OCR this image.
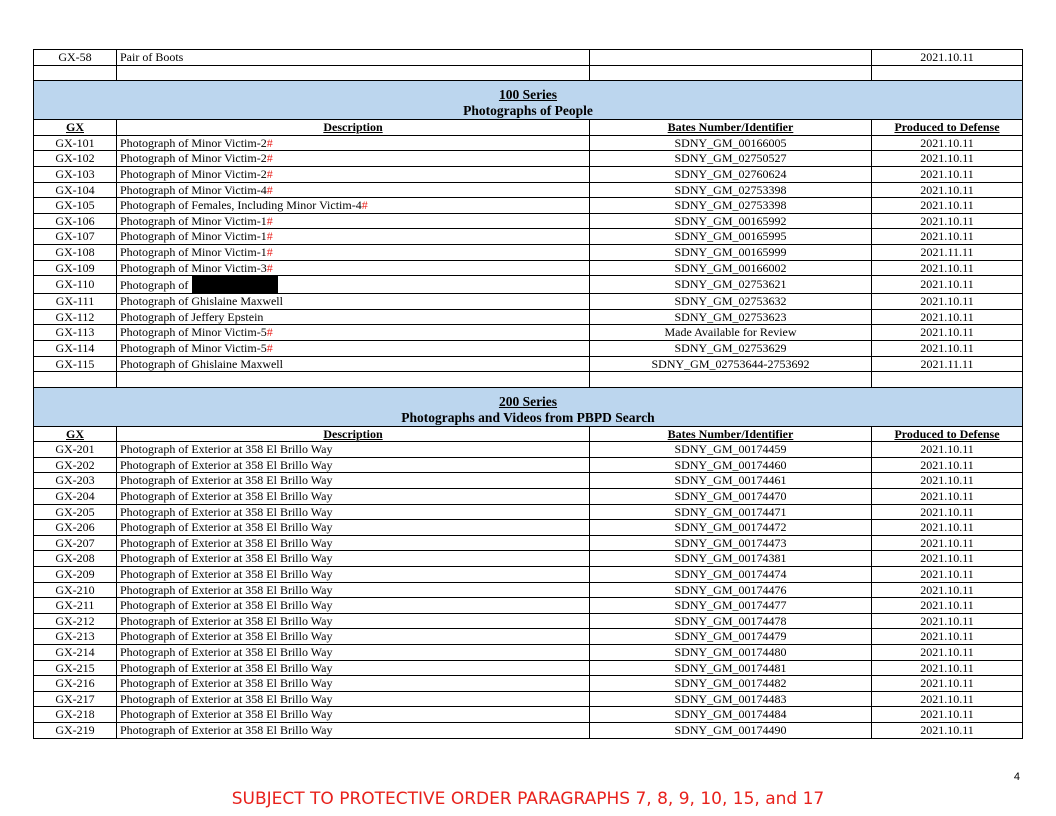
GX-58	Pair of Boots		2021.10.11

100 Series			
Photographs of People			
GX	Description	Bates Number/Identifier	Produced to Defense
GX-101	Photograph of Minor Victim-2#	SDNY_GM_00166005	2021.10.11
GX-102	Photograph of Minor Victim-2#	SDNY_GM_02750527	2021.10.11
GX-103	Photograph of Minor Victim-2#	SDNY_GM_02760624	2021.10.11
GX-104	Photograph of Minor Victim-4#	SDNY_GM_02753398	2021.10.11
GX-105	Photograph of Females, Including Minor Victim-4#	SDNY_GM_02753398	2021.10.11
GX-106	Photograph of Minor Victim-1#	SDNY_GM_00165992	2021.10.11
GX-107	Photograph of Minor Victim-1#	SDNY_GM_00165995	2021.10.11
GX-108	Photograph of Minor Victim-1#	SDNY_GM_00165999	2021.11.11
GX-109	Photograph of Minor Victim-3#	SDNY_GM_00166002	2021.10.11
GX-110	Photograph of	SDNY_GM_02753621	2021.10.11
GX-111	Photograph of Ghislaine Maxwell	SDNY_GM_02753632	2021.10.11
GX-112	Photograph of Jeffery Epstein	SDNY_GM_02753623	2021.10.11
GX-113	Photograph of Minor Victim-5#	Made Available for Review	2021.10.11
GX-114	Photograph of Minor Victim-5#	SDNY_GM_02753629	2021.10.11
GX-115	Photograph of Ghislaine Maxwell	SDNY_GM_02753644-2753692	2021.11.11

200 Series			
Photographs and Videos from PBPD Search			
GX	Description	Bates Number/Identifier	Produced to Defense
GX-201	Photograph of Exterior at 358 El Brillo Way	SDNY_GM_00174459	2021.10.11
GX-202	Photograph of Exterior at 358 El Brillo Way	SDNY_GM_00174460	2021.10.11
GX-203	Photograph of Exterior at 358 El Brillo Way	SDNY_GM_00174461	2021.10.11
GX-204	Photograph of Exterior at 358 El Brillo Way	SDNY_GM_00174470	2021.10.11
GX-205	Photograph of Exterior at 358 El Brillo Way	SDNY_GM_00174471	2021.10.11
GX-206	Photograph of Exterior at 358 El Brillo Way	SDNY_GM_00174472	2021.10.11
GX-207	Photograph of Exterior at 358 El Brillo Way	SDNY_GM_00174473	2021.10.11
GX-208	Photograph of Exterior at 358 El Brillo Way	SDNY_GM_00174381	2021.10.11
GX-209	Photograph of Exterior at 358 El Brillo Way	SDNY_GM_00174474	2021.10.11
GX-210	Photograph of Exterior at 358 El Brillo Way	SDNY_GM_00174476	2021.10.11
GX-211	Photograph of Exterior at 358 El Brillo Way	SDNY_GM_00174477	2021.10.11
GX-212	Photograph of Exterior at 358 El Brillo Way	SDNY_GM_00174478	2021.10.11
GX-213	Photograph of Exterior at 358 El Brillo Way	SDNY_GM_00174479	2021.10.11
GX-214	Photograph of Exterior at 358 El Brillo Way	SDNY_GM_00174480	2021.10.11
GX-215	Photograph of Exterior at 358 El Brillo Way	SDNY_GM_00174481	2021.10.11
GX-216	Photograph of Exterior at 358 El Brillo Way	SDNY_GM_00174482	2021.10.11
GX-217	Photograph of Exterior at 358 El Brillo Way	SDNY_GM_00174483	2021.10.11
GX-218	Photograph of Exterior at 358 El Brillo Way	SDNY_GM_00174484	2021.10.11
GX-219	Photograph of Exterior at 358 El Brillo Way	SDNY_GM_00174490	2021.10.11
4
SUBJECT TO PROTECTIVE ORDER PARAGRAPHS 7, 8, 9, 10, 15, and 17
